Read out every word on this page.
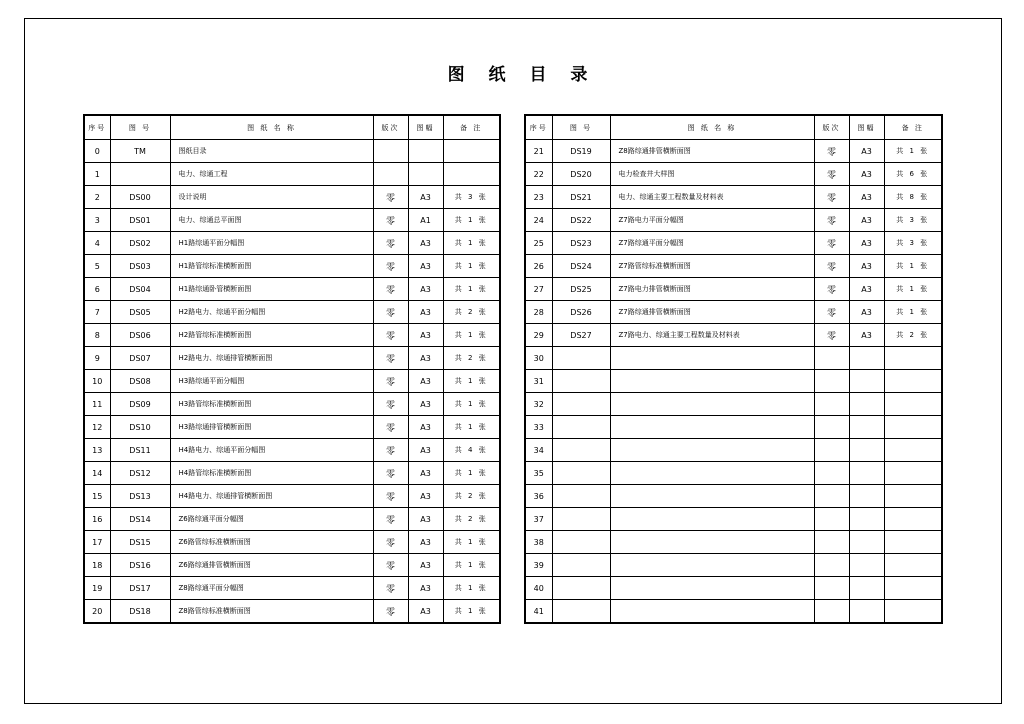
图 纸 目 录
序号	图 号	图 纸 名 称	版次	图幅	备 注
0	TM	图纸目录			
1		电力、综通工程			
2	DS00	设计说明	零	A3	共 3 张
3	DS01	电力、综通总平面图	零	A1	共 1 张
4	DS02	H1路综通平面分幅图	零	A3	共 1 张
5	DS03	H1路管综标准横断面图	零	A3	共 1 张
6	DS04	H1路综通卧管横断面图	零	A3	共 1 张
7	DS05	H2路电力、综通平面分幅图	零	A3	共 2 张
8	DS06	H2路管综标准横断面图	零	A3	共 1 张
9	DS07	H2路电力、综通排管横断面图	零	A3	共 2 张
10	DS08	H3路综通平面分幅图	零	A3	共 1 张
11	DS09	H3路管综标准横断面图	零	A3	共 1 张
12	DS10	H3路综通排管横断面图	零	A3	共 1 张
13	DS11	H4路电力、综通平面分幅图	零	A3	共 4 张
14	DS12	H4路管综标准横断面图	零	A3	共 1 张
15	DS13	H4路电力、综通排管横断面图	零	A3	共 2 张
16	DS14	Z6路综通平面分幅图	零	A3	共 2 张
17	DS15	Z6路管综标准横断面图	零	A3	共 1 张
18	DS16	Z6路综通排管横断面图	零	A3	共 1 张
19	DS17	Z8路综通平面分幅图	零	A3	共 1 张
20	DS18	Z8路管综标准横断面图	零	A3	共 1 张
序号	图 号	图 纸 名 称	版次	图幅	备 注
21	DS19	Z8路综通排管横断面图	零	A3	共 1 张
22	DS20	电力检查井大样图	零	A3	共 6 张
23	DS21	电力、综通主要工程数量及材料表	零	A3	共 8 张
24	DS22	Z7路电力平面分幅图	零	A3	共 3 张
25	DS23	Z7路综通平面分幅图	零	A3	共 3 张
26	DS24	Z7路管综标准横断面图	零	A3	共 1 张
27	DS25	Z7路电力排管横断面图	零	A3	共 1 张
28	DS26	Z7路综通排管横断面图	零	A3	共 1 张
29	DS27	Z7路电力、综通主要工程数量及材料表	零	A3	共 2 张
30					
31					
32					
33					
34					
35					
36					
37					
38					
39					
40					
41					
